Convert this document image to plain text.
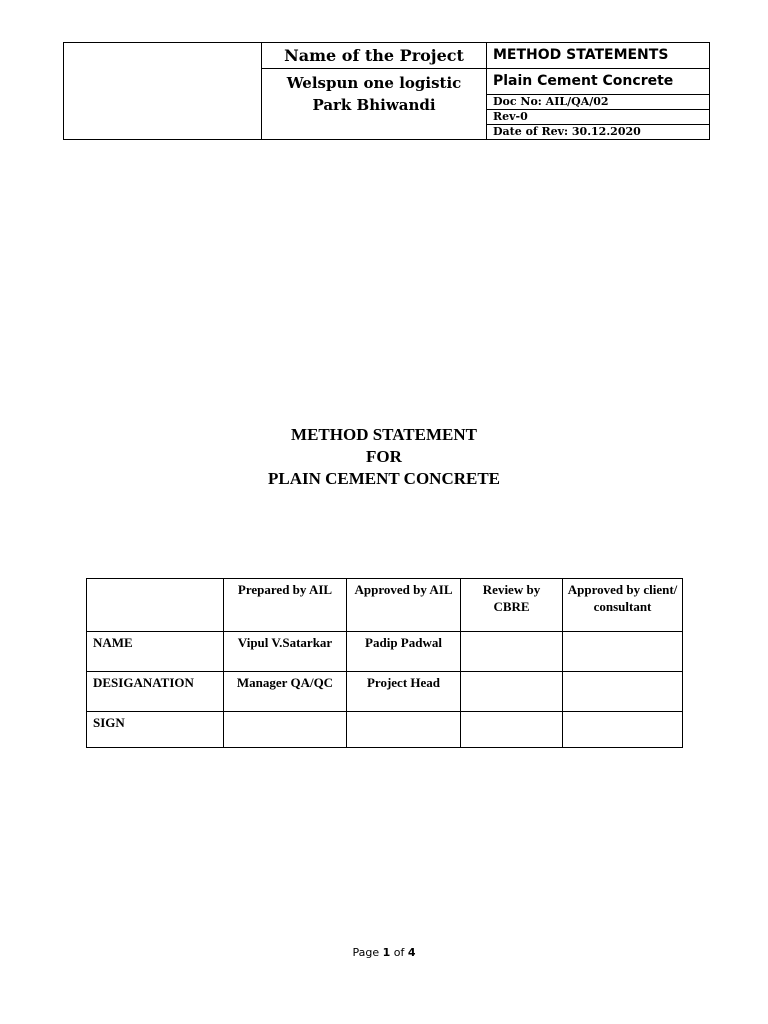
Name of the Project
Welspun one logistic
Park Bhiwandi

METHOD STATEMENTS
Plain Cement Concrete
Doc No: AIL/QA/02
Rev-0
Date of Rev: 30.12.2020
METHOD STATEMENT
FOR
PLAIN CEMENT CONCRETE
	Prepared by AIL	Approved by AIL	Review by CBRE	Approved by client/ consultant
NAME	Vipul V.Satarkar	Padip Padwal		
DESIGANATION	Manager QA/QC	Project Head		
SIGN				
Page 1 of 4
